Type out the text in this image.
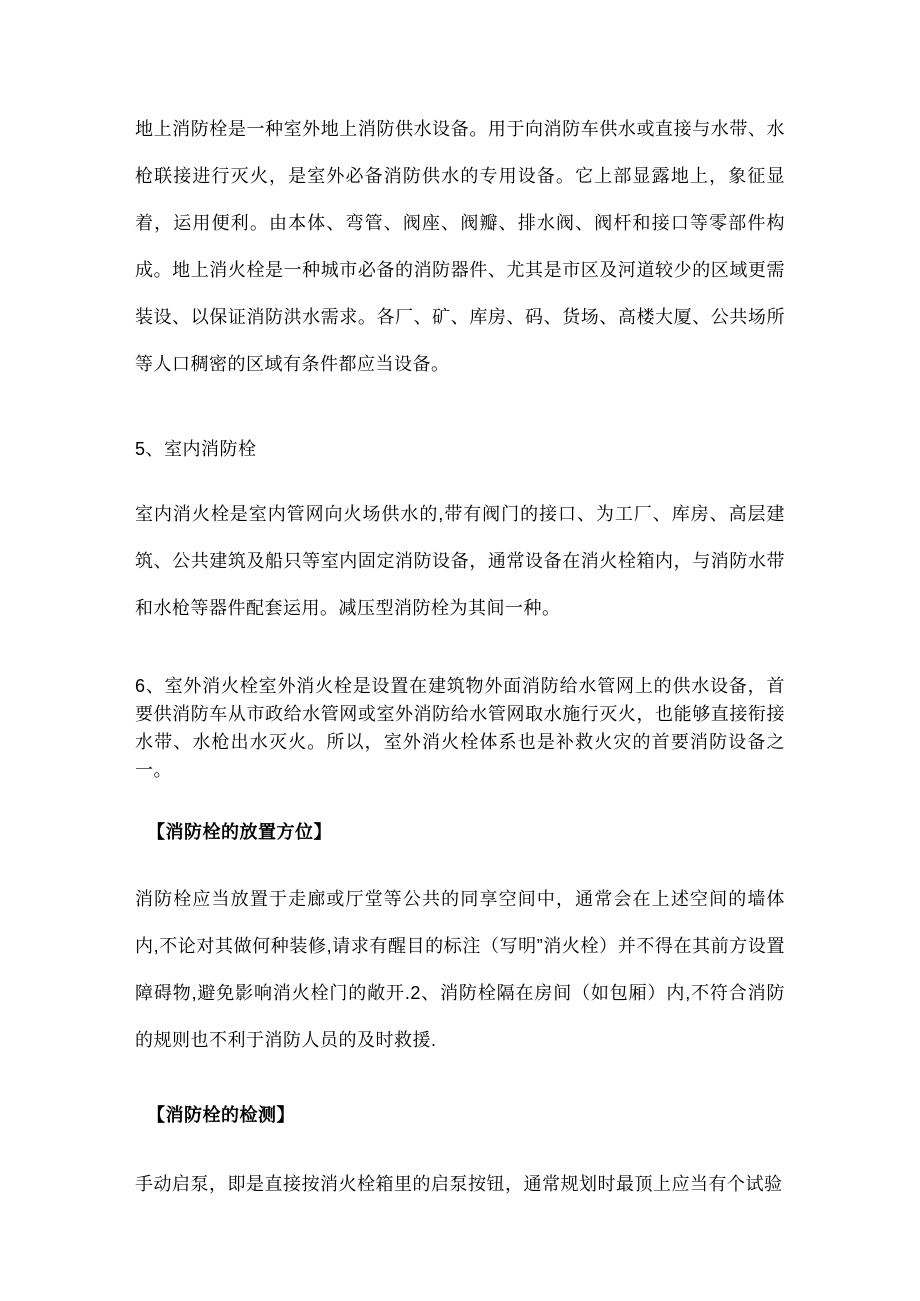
地上消防栓是一种室外地上消防供水设备。用于向消防车供水或直接与水带、水枪联接进行灭火，是室外必备消防供水的专用设备。它上部显露地上，象征显着，运用便利。由本体、弯管、阀座、阀瓣、排水阀、阀杆和接口等零部件构成。地上消火栓是一种城市必备的消防器件、尤其是市区及河道较少的区域更需装设、以保证消防洪水需求。各厂、矿、库房、码、货场、高楼大厦、公共场所等人口稠密的区域有条件都应当设备。

5、室内消防栓

室内消火栓是室内管网向火场供水的,带有阀门的接口、为工厂、库房、高层建筑、公共建筑及船只等室内固定消防设备，通常设备在消火栓箱内，与消防水带和水枪等器件配套运用。减压型消防栓为其间一种。

6、室外消火栓室外消火栓是设置在建筑物外面消防给水管网上的供水设备，首要供消防车从市政给水管网或室外消防给水管网取水施行灭火，也能够直接衔接水带、水枪出水灭火。所以，室外消火栓体系也是补救火灾的首要消防设备之一。

【消防栓的放置方位】

消防栓应当放置于走廊或厅堂等公共的同享空间中，通常会在上述空间的墙体内,不论对其做何种装修,请求有醒目的标注（写明”消火栓）并不得在其前方设置障碍物,避免影响消火栓门的敞开.2、消防栓隔在房间（如包厢）内,不符合消防的规则也不利于消防人员的及时救援.

【消防栓的检测】

手动启泵，即是直接按消火栓箱里的启泵按钮，通常规划时最顶上应当有个试验
